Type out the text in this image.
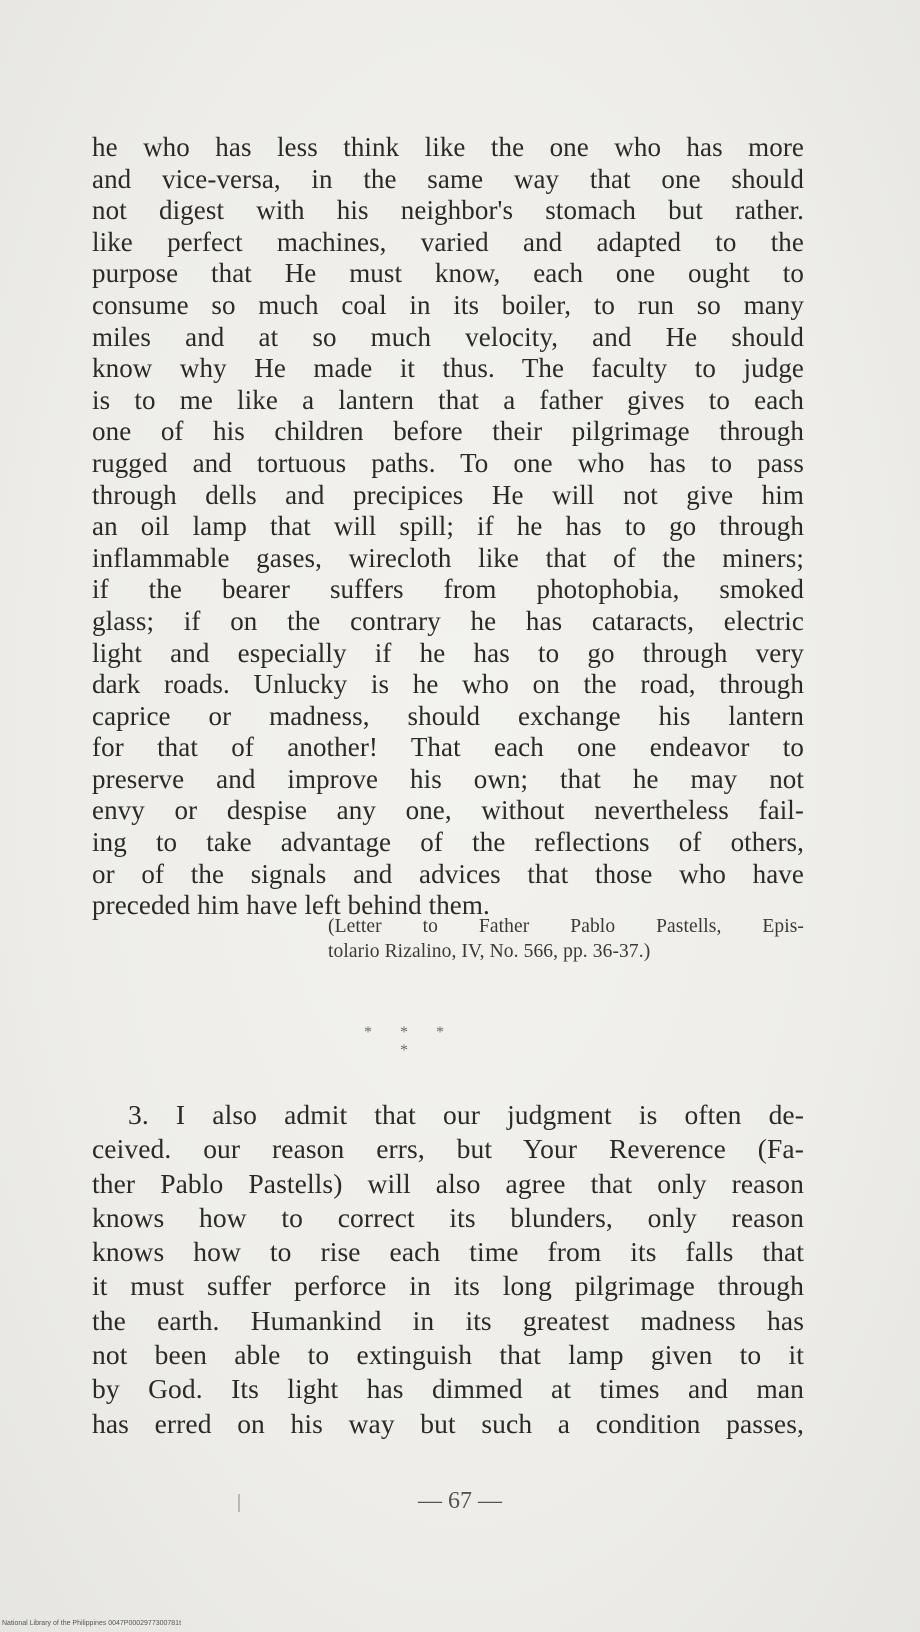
he who has less think like the one who has more
and vice-versa, in the same way that one should
not digest with his neighbor's stomach but rather.
like perfect machines, varied and adapted to the
purpose that He must know, each one ought to
consume so much coal in its boiler, to run so many
miles and at so much velocity, and He should
know why He made it thus. The faculty to judge
is to me like a lantern that a father gives to each
one of his children before their pilgrimage through
rugged and tortuous paths. To one who has to pass
through dells and precipices He will not give him
an oil lamp that will spill; if he has to go through
inflammable gases, wirecloth like that of the miners;
if the bearer suffers from photophobia, smoked
glass; if on the contrary he has cataracts, electric
light and especially if he has to go through very
dark roads. Unlucky is he who on the road, through
caprice or madness, should exchange his lantern
for that of another! That each one endeavor to
preserve and improve his own; that he may not
envy or despise any one, without nevertheless fail-
ing to take advantage of the reflections of others,
or of the signals and advices that those who have
preceded him have left behind them.
(Letter to Father Pablo Pastells, Epis-
tolario Rizalino, IV, No. 566, pp. 36-37.)
* * * *
3. I also admit that our judgment is often de-
ceived. our reason errs, but Your Reverence (Fa-
ther Pablo Pastells) will also agree that only reason
knows how to correct its blunders, only reason
knows how to rise each time from its falls that
it must suffer perforce in its long pilgrimage through
the earth. Humankind in its greatest madness has
not been able to extinguish that lamp given to it
by God. Its light has dimmed at times and man
has erred on his way but such a condition passes,
— 67 —
National Library of the Philippines 0047P0002977300781t
